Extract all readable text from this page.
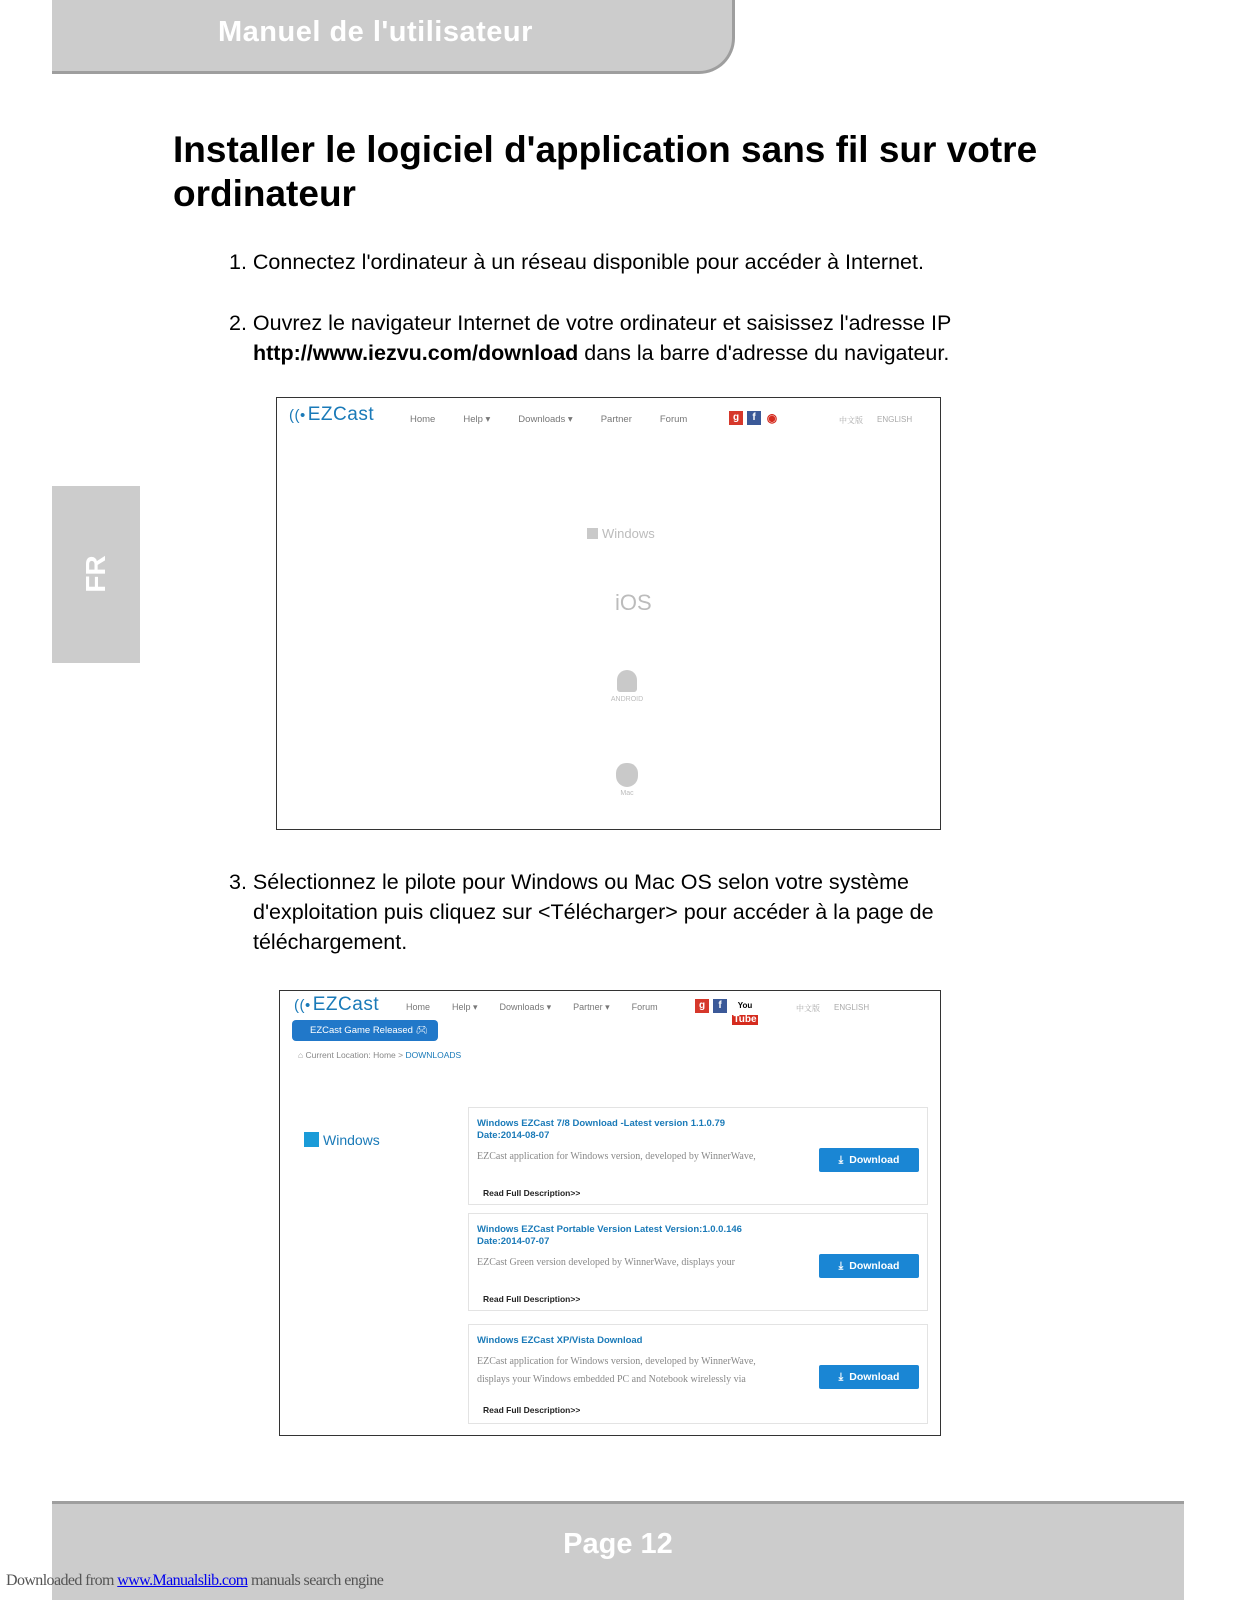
Manuel de l'utilisateur
FR
Installer le logiciel d'application sans fil sur votre ordinateur

1. Connectez l'ordinateur à un réseau disponible pour accéder à Internet.

2. Ouvrez le navigateur Internet de votre ordinateur et saisissez l'adresse IP
http://www.iezvu.com/download dans la barre d'adresse du navigateur.

((• EZCast	Home	Help ▾	Downloads ▾	Partner	Forum	g	f ◉	中文版 ENGLISH
Windows
iOS
ANDROID
Mac

3. Sélectionnez le pilote pour Windows ou Mac OS selon votre système
d'exploitation puis cliquez sur <Télécharger> pour accéder à la page de
téléchargement.

((• EZCast	Home Help ▾ Downloads ▾ Partner ▾ Forum	g	f	YouTube
中文版 ENGLISH
EZCast Game Released 🎮︎
⌂ Current Location: Home > DOWNLOADS
Windows
Windows EZCast 7/8 Download -Latest version 1.1.0.79
Date:2014-08-07
EZCast application for Windows version, developed by WinnerWave,
Read Full Description>>
⤓ Download
Windows EZCast Portable Version Latest Version:1.0.0.146
Date:2014-07-07
EZCast Green version developed by WinnerWave, displays your
Read Full Description>>
⤓ Download
Windows EZCast XP/Vista Download
EZCast application for Windows version, developed by WinnerWave,
displays your Windows embedded PC and Notebook wirelessly via
Read Full Description>>
⤓ Download
Page 12
Downloaded from www.Manualslib.com manuals search engine
